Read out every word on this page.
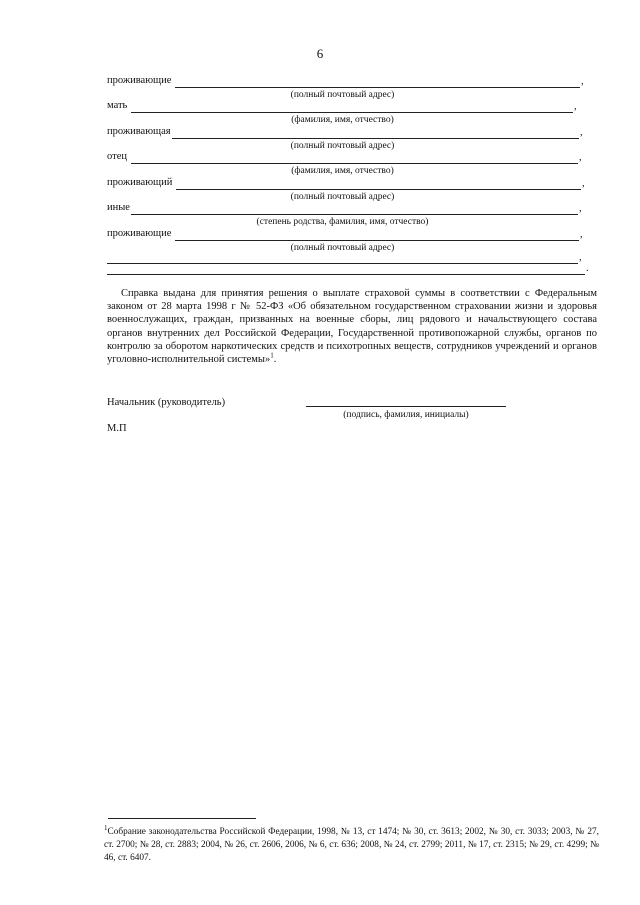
6
проживающие	,
(полный почтовый адрес)
мать	,
(фамилия, имя, отчество)
проживающая	,
(полный почтовый адрес)
отец	,
(фамилия, имя, отчество)
проживающий	,
(полный почтовый адрес)
иные	,
(степень родства, фамилия, имя, отчество)
проживающие	,
(полный почтовый адрес)
,
.

Справка выдана для принятия решения о выплате страховой суммы в соответствии с Федеральным законом от 28 марта 1998 г № 52-ФЗ «Об обязательном государственном страховании жизни и здоровья военнослужащих, граждан, призванных на военные сборы, лиц рядового и начальствующего состава органов внутренних дел Российской Федерации, Государственной противопожарной службы, органов по контролю за оборотом наркотических средств и психотропных веществ, сотрудников учреждений и органов уголовно-исполнительной системы»$^1$.

Начальник (руководитель)
(подпись, фамилия, инициалы)
М.П
$^1$Собрание законодательства Российской Федерации, 1998, № 13, ст 1474; № 30, ст. 3613; 2002, № 30, ст. 3033; 2003, № 27, ст. 2700; № 28, ст. 2883; 2004, № 26, ст. 2606, 2006, № 6, ст. 636; 2008, № 24, ст. 2799; 2011, № 17, ст. 2315; № 29, ст. 4299; № 46, ст. 6407.
